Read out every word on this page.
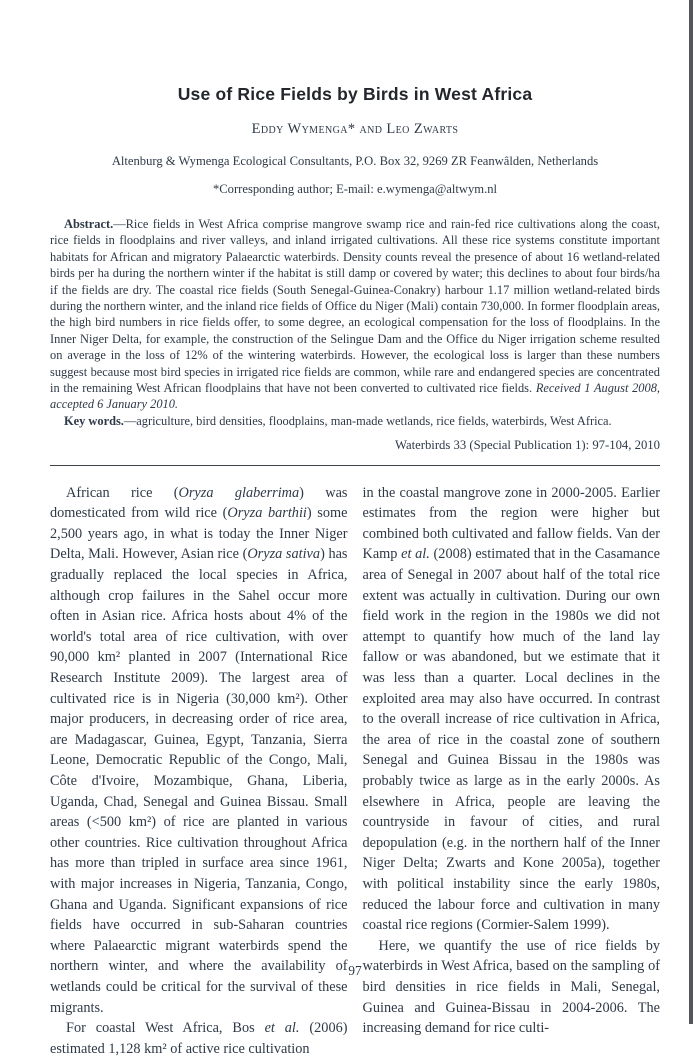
Use of Rice Fields by Birds in West Africa
Eddy Wymenga* and Leo Zwarts
Altenburg & Wymenga Ecological Consultants, P.O. Box 32, 9269 ZR Feanwâlden, Netherlands
*Corresponding author; E-mail: e.wymenga@altwym.nl

Abstract.—Rice fields in West Africa comprise mangrove swamp rice and rain-fed rice cultivations along the coast, rice fields in floodplains and river valleys, and inland irrigated cultivations. All these rice systems constitute important habitats for African and migratory Palaearctic waterbirds. Density counts reveal the presence of about 16 wetland-related birds per ha during the northern winter if the habitat is still damp or covered by water; this declines to about four birds/ha if the fields are dry. The coastal rice fields (South Senegal-Guinea-Conakry) harbour 1.17 million wetland-related birds during the northern winter, and the inland rice fields of Office du Niger (Mali) contain 730,000. In former floodplain areas, the high bird numbers in rice fields offer, to some degree, an ecological compensation for the loss of floodplains. In the Inner Niger Delta, for example, the construction of the Selingue Dam and the Office du Niger irrigation scheme resulted on average in the loss of 12% of the wintering waterbirds. However, the ecological loss is larger than these numbers suggest because most bird species in irrigated rice fields are common, while rare and endangered species are concentrated in the remaining West African floodplains that have not been converted to cultivated rice fields. Received 1 August 2008, accepted 6 January 2010.

Key words.—agriculture, bird densities, floodplains, man-made wetlands, rice fields, waterbirds, West Africa.

Waterbirds 33 (Special Publication 1): 97-104, 2010

African rice (Oryza glaberrima) was domesticated from wild rice (Oryza barthii) some 2,500 years ago, in what is today the Inner Niger Delta, Mali. However, Asian rice (Oryza sativa) has gradually replaced the local species in Africa, although crop failures in the Sahel occur more often in Asian rice. Africa hosts about 4% of the world's total area of rice cultivation, with over 90,000 km² planted in 2007 (International Rice Research Institute 2009). The largest area of cultivated rice is in Nigeria (30,000 km²). Other major producers, in decreasing order of rice area, are Madagascar, Guinea, Egypt, Tanzania, Sierra Leone, Democratic Republic of the Congo, Mali, Côte d'Ivoire, Mozambique, Ghana, Liberia, Uganda, Chad, Senegal and Guinea Bissau. Small areas (<500 km²) of rice are planted in various other countries. Rice cultivation throughout Africa has more than tripled in surface area since 1961, with major increases in Nigeria, Tanzania, Congo, Ghana and Uganda. Significant expansions of rice fields have occurred in sub-Saharan countries where Palaearctic migrant waterbirds spend the northern winter, and where the availability of wetlands could be critical for the survival of these migrants.

For coastal West Africa, Bos et al. (2006) estimated 1,128 km² of active rice cultivation

in the coastal mangrove zone in 2000-2005. Earlier estimates from the region were higher but combined both cultivated and fallow fields. Van der Kamp et al. (2008) estimated that in the Casamance area of Senegal in 2007 about half of the total rice extent was actually in cultivation. During our own field work in the region in the 1980s we did not attempt to quantify how much of the land lay fallow or was abandoned, but we estimate that it was less than a quarter. Local declines in the exploited area may also have occurred. In contrast to the overall increase of rice cultivation in Africa, the area of rice in the coastal zone of southern Senegal and Guinea Bissau in the 1980s was probably twice as large as in the early 2000s. As elsewhere in Africa, people are leaving the countryside in favour of cities, and rural depopulation (e.g. in the northern half of the Inner Niger Delta; Zwarts and Kone 2005a), together with political instability since the early 1980s, reduced the labour force and cultivation in many coastal rice regions (Cormier-Salem 1999).

Here, we quantify the use of rice fields by waterbirds in West Africa, based on the sampling of bird densities in rice fields in Mali, Senegal, Guinea and Guinea-Bissau in 2004-2006. The increasing demand for rice culti-

97
